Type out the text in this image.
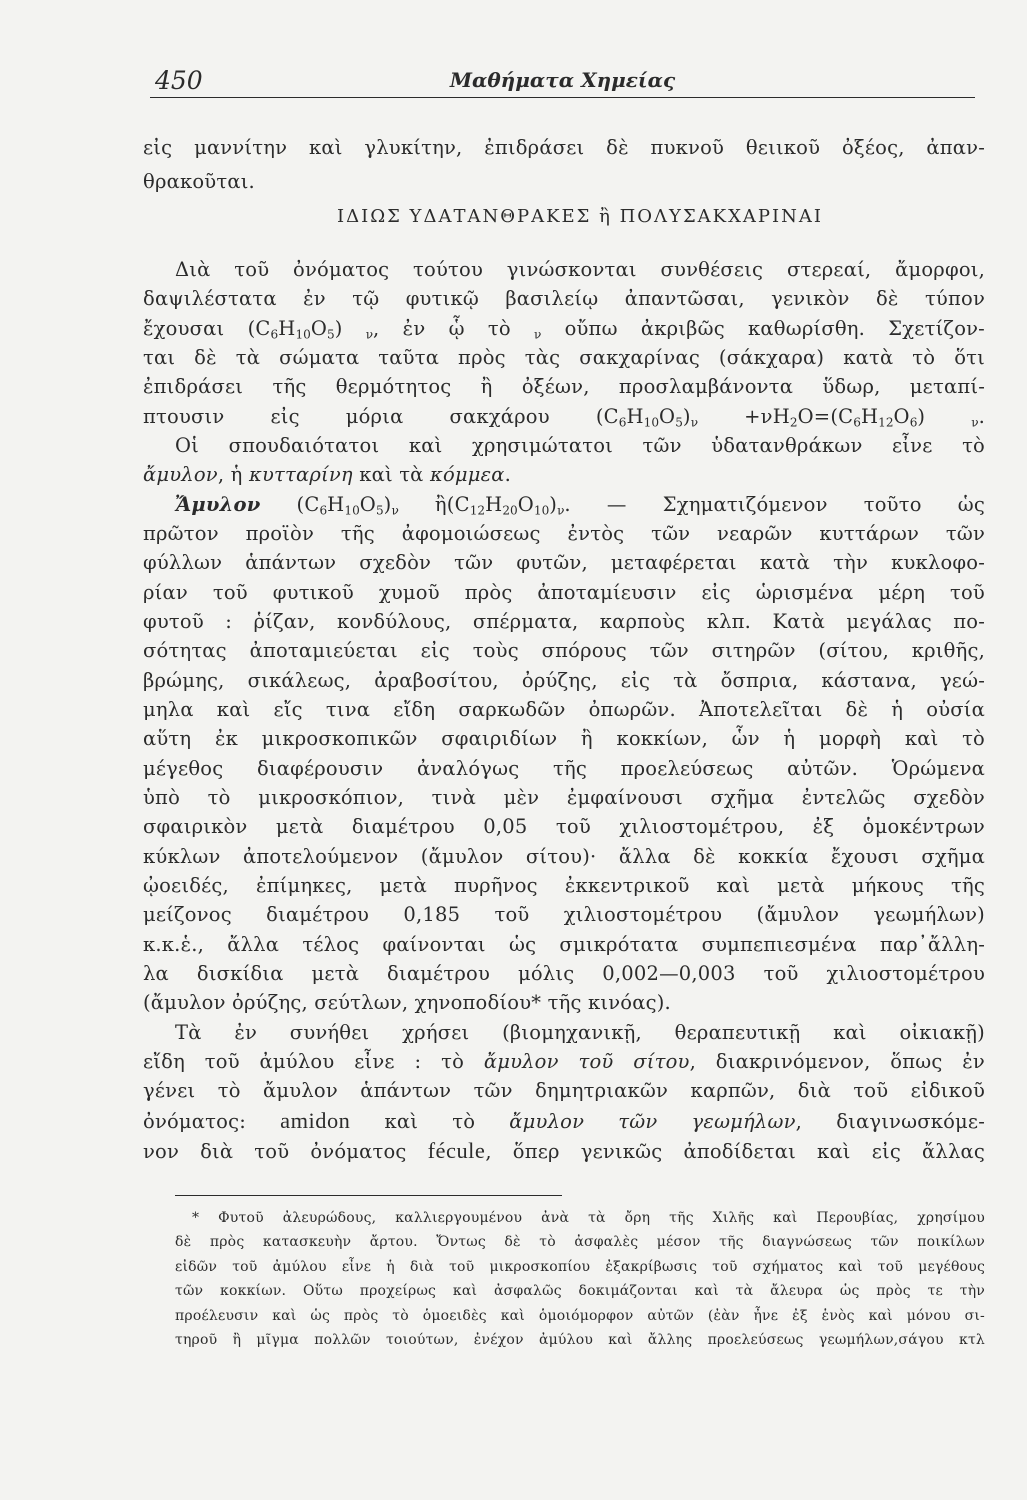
450	Μαθήματα Χημείας
εἰς μαννίτην καὶ γλυκίτην, ἐπιδράσει δὲ πυκνοῦ θειικοῦ ὀξέος, ἀπαν-
θρακοῦται.
ΙΔΙΩΣ ΥΔΑΤΑΝΘΡΑΚΕΣ ἢ ΠΟΛΥΣΑΚΧΑΡΙΝΑΙ
Διὰ τοῦ ὀνόματος τούτου γινώσκονται συνθέσεις στερεαί, ἄμορφοι,
δαψιλέστατα ἐν τῷ φυτικῷ βασιλείῳ ἀπαντῶσαι, γενικὸν δὲ τύπον
ἔχουσαι $(C_6H_{10}O_5)$ $_\nu$, ἐν ᾧ τὸ $_\nu$ οὔπω ἀκριβῶς καθωρίσθη. Σχετίζον-
ται δὲ τὰ σώματα ταῦτα πρὸς τὰς σακχαρίνας (σάκχαρα) κατὰ τὸ ὅτι
ἐπιδράσει τῆς θερμότητος ἢ ὀξέων, προσλαμβάνοντα ὕδωρ, μεταπί-
πτουσιν εἰς μόρια σακχάρου $(C_6H_{10}O_5)_\nu +\nu H_2O=(C_6H_{12}O_6)$ $_\nu$.
Οἱ σπουδαιότατοι καὶ χρησιμώτατοι τῶν ὑδατανθράκων εἶνε τὸ
ἄμυλον, ἡ κυτταρίνη καὶ τὰ κόμμεα.
Ἄμυλον $(C_6H_{10}O_5)_\nu$ $ἢ(C_{12}H_{20}O_{10})_\nu$. — Σχηματιζόμενον τοῦτο ὡς
πρῶτον προϊὸν τῆς ἀφομοιώσεως ἐντὸς τῶν νεαρῶν κυττάρων τῶν
φύλλων ἁπάντων σχεδὸν τῶν φυτῶν, μεταφέρεται κατὰ τὴν κυκλοφο-
ρίαν τοῦ φυτικοῦ χυμοῦ πρὸς ἀποταμίευσιν εἰς ὡρισμένα μέρη τοῦ
φυτοῦ : ῥίζαν, κονδύλους, σπέρματα, καρποὺς κλπ. Κατὰ μεγάλας πο-
σότητας ἀποταμιεύεται εἰς τοὺς σπόρους τῶν σιτηρῶν (σίτου, κριθῆς,
βρώμης, σικάλεως, ἀραβοσίτου, ὀρύζης, εἰς τὰ ὄσπρια, κάστανα, γεώ-
μηλα καὶ εἴς τινα εἴδη σαρκωδῶν ὀπωρῶν. Ἀποτελεῖται δὲ ἡ οὐσία
αὕτη ἐκ μικροσκοπικῶν σφαιριδίων ἢ κοκκίων, ὧν ἡ μορφὴ καὶ τὸ
μέγεθος διαφέρουσιν ἀναλόγως τῆς προελεύσεως αὐτῶν. Ὁρώμενα
ὑπὸ τὸ μικροσκόπιον, τινὰ μὲν ἐμφαίνουσι σχῆμα ἐντελῶς σχεδὸν
σφαιρικὸν μετὰ διαμέτρου 0,05 τοῦ χιλιοστομέτρου, ἐξ ὁμοκέντρων
κύκλων ἀποτελούμενον (ἄμυλον σίτου)· ἄλλα δὲ κοκκία ἔχουσι σχῆμα
ᾠοειδές, ἐπίμηκες, μετὰ πυρῆνος ἐκκεντρικοῦ καὶ μετὰ μήκους τῆς
μείζονος διαμέτρου 0,185 τοῦ χιλιοστομέτρου (ἄμυλον γεωμήλων)
κ.κ.ἑ., ἄλλα τέλος φαίνονται ὡς σμικρότατα συμπεπιεσμένα παρ᾽ἄλλη-
λα δισκίδια μετὰ διαμέτρου μόλις 0,002—0,003 τοῦ χιλιοστομέτρου
(ἄμυλον ὀρύζης, σεύτλων, χηνοποδίου* τῆς κινόας).
Τὰ ἐν συνήθει χρήσει (βιομηχανικῇ, θεραπευτικῇ καὶ οἰκιακῇ)
εἴδη τοῦ ἀμύλου εἶνε : τὸ ἄμυλον τοῦ σίτου, διακρινόμενον, ὅπως ἐν
γένει τὸ ἄμυλον ἁπάντων τῶν δημητριακῶν καρπῶν, διὰ τοῦ εἰδικοῦ
ὀνόματος: amidon καὶ τὸ ἄμυλον τῶν γεωμήλων, διαγινωσκόμε-
νον διὰ τοῦ ὀνόματος fécule, ὅπερ γενικῶς ἀποδίδεται καὶ εἰς ἄλλας
* Φυτοῦ ἀλευρώδους, καλλιεργουμένου ἀνὰ τὰ ὄρη τῆς Χιλῆς καὶ Περουβίας, χρησίμου
δὲ πρὸς κατασκευὴν ἄρτου. Ὄντως δὲ τὸ ἀσφαλὲς μέσον τῆς διαγνώσεως τῶν ποικίλων
εἰδῶν τοῦ ἀμύλου εἶνε ἡ διὰ τοῦ μικροσκοπίου ἐξακρίβωσις τοῦ σχήματος καὶ τοῦ μεγέθους
τῶν κοκκίων. Οὕτω προχείρως καὶ ἀσφαλῶς δοκιμάζονται καὶ τὰ ἄλευρα ὡς πρὸς τε τὴν
προέλευσιν καὶ ὡς πρὸς τὸ ὁμοειδὲς καὶ ὁμοιόμορφον αὐτῶν (ἐὰν ἦνε ἐξ ἑνὸς καὶ μόνου σι-
τηροῦ ἢ μῖγμα πολλῶν τοιούτων, ἐνέχον ἀμύλου καὶ ἄλλης προελεύσεως γεωμήλων,σάγου κτλ
